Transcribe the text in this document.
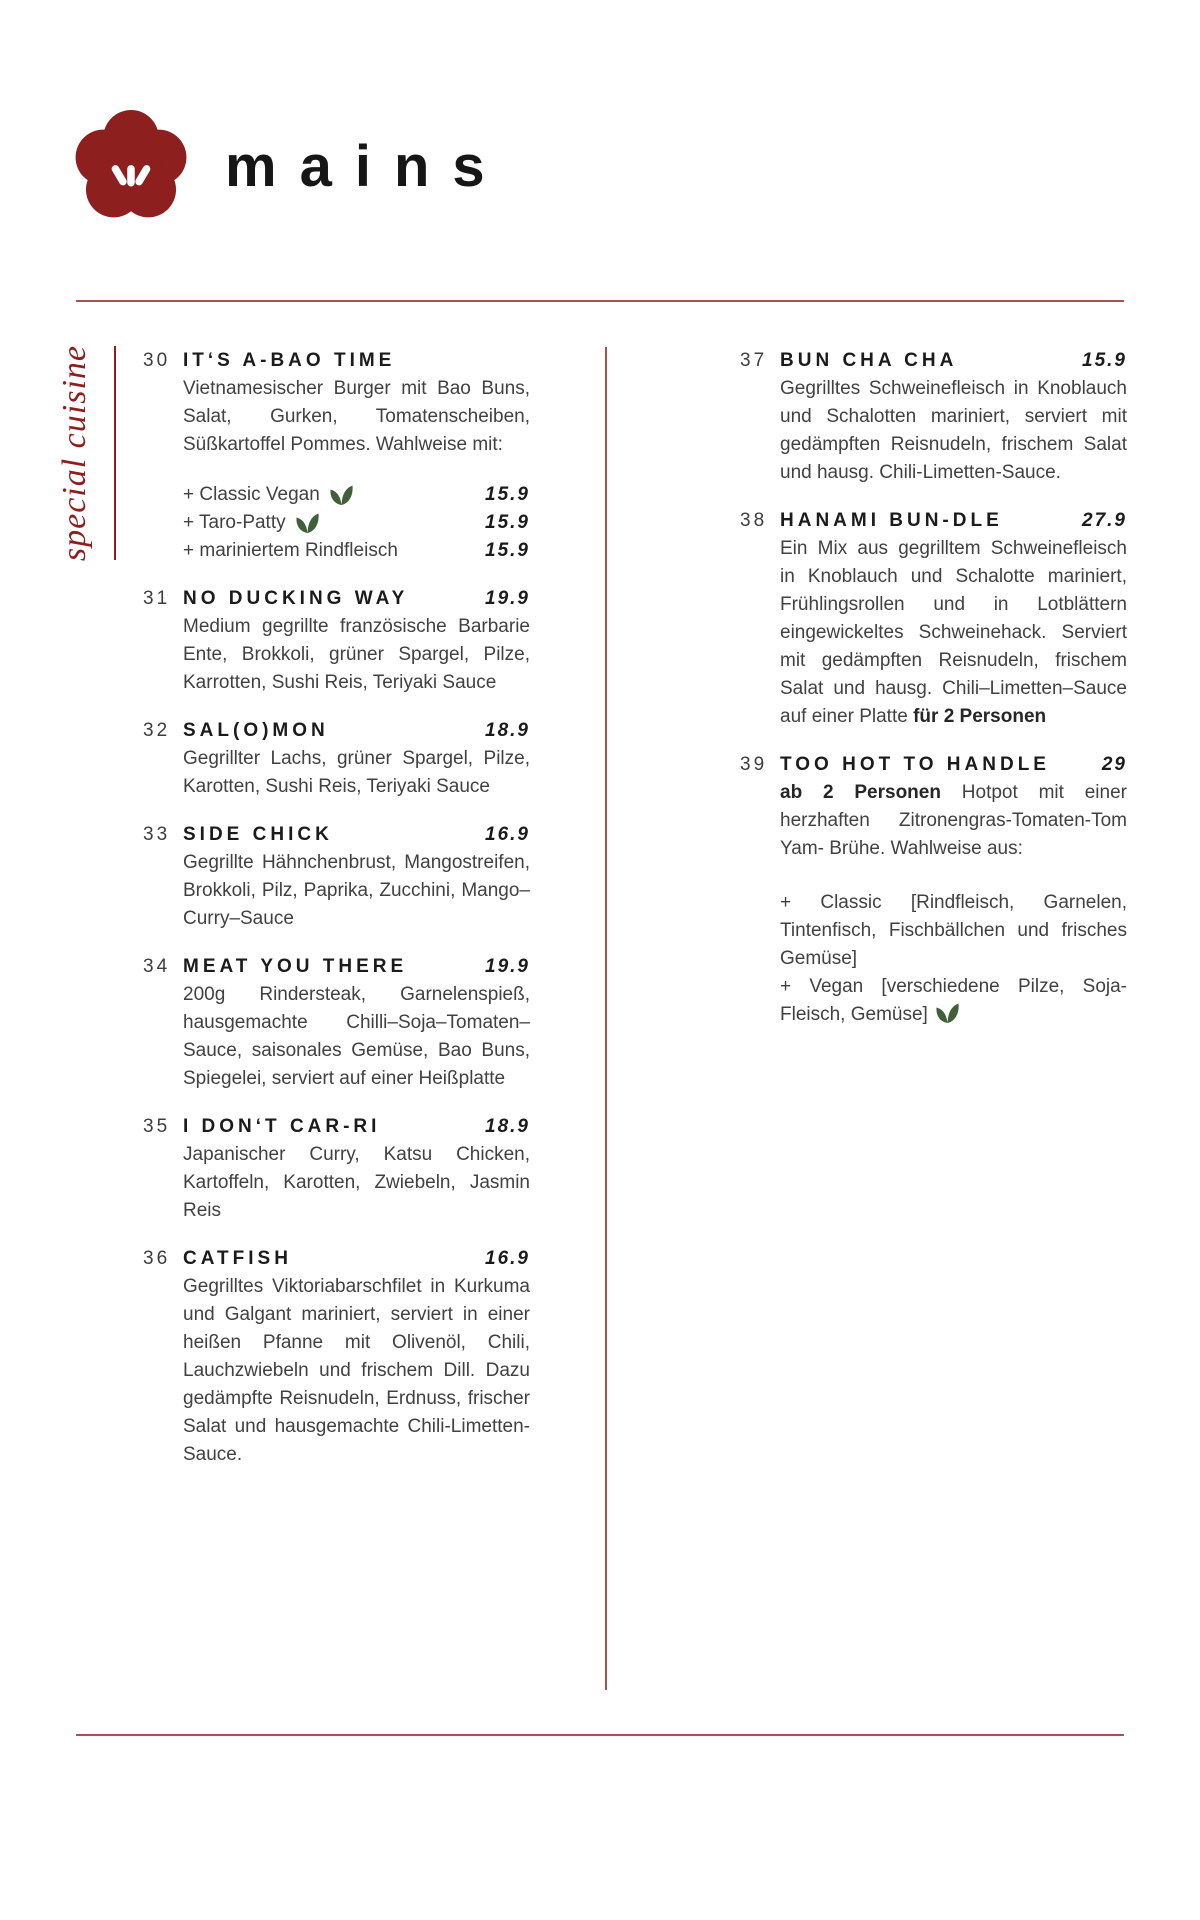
mains
special cuisine	30 IT‘S A-BAO TIME

Vietnamesischer Burger mit Bao Buns, Salat, Gurken, Tomatenscheiben, Süßkartoffel Pommes. Wahlweise mit:

+ Classic Vegan	15.9
+ Taro-Patty	15.9
+ mariniertem Rindfleisch	15.9
31 NO DUCKING WAY	19.9

Medium gegrillte französische Barbarie Ente, Brokkoli, grüner Spargel, Pilze, Karrotten, Sushi Reis, Teriyaki Sauce

32 SAL(O)MON	18.9

Gegrillter Lachs, grüner Spargel, Pilze, Karotten, Sushi Reis, Teriyaki Sauce

33 SIDE CHICK	16.9

Gegrillte Hähnchenbrust, Mangostreifen, Brokkoli, Pilz, Paprika, Zucchini, Mango–Curry–Sauce

34 MEAT YOU THERE	19.9

200g Rindersteak, Garnelenspieß, hausgemachte Chilli–Soja–Tomaten–Sauce, saisonales Gemüse, Bao Buns, Spiegelei, serviert auf einer Heißplatte

35 I DON‘T CAR-RI	18.9

Japanischer Curry, Katsu Chicken, Kartoffeln, Karotten, Zwiebeln, Jasmin Reis

36 CATFISH	16.9

Gegrilltes Viktoriabarschfilet in Kurkuma und Galgant mariniert, serviert in einer heißen Pfanne mit Olivenöl, Chili, Lauchzwiebeln und frischem Dill. Dazu gedämpfte Reisnudeln, Erdnuss, frischer Salat und hausgemachte Chili-Limetten-Sauce.

37 BUN CHA CHA	15.9

Gegrilltes Schweinefleisch in Knoblauch und Schalotten mariniert, serviert mit gedämpften Reisnudeln, frischem Salat und hausg. Chili-Limetten-Sauce.

38 HANAMI BUN-DLE	27.9

Ein Mix aus gegrilltem Schweinefleisch in Knoblauch und Schalotte mariniert, Frühlingsrollen und in Lotblättern eingewickeltes Schweinehack. Serviert mit gedämpften Reisnudeln, frischem Salat und hausg. Chili–Limetten–Sauce auf einer Platte für 2 Personen

39 TOO HOT TO HANDLE	29

ab 2 Personen Hotpot mit einer herzhaften Zitronengras-Tomaten-Tom Yam- Brühe. Wahlweise aus:

+ Classic [Rindfleisch, Garnelen, Tintenfisch, Fischbällchen und frisches Gemüse]

+ Vegan [verschiedene Pilze, Soja-Fleisch, Gemüse]
